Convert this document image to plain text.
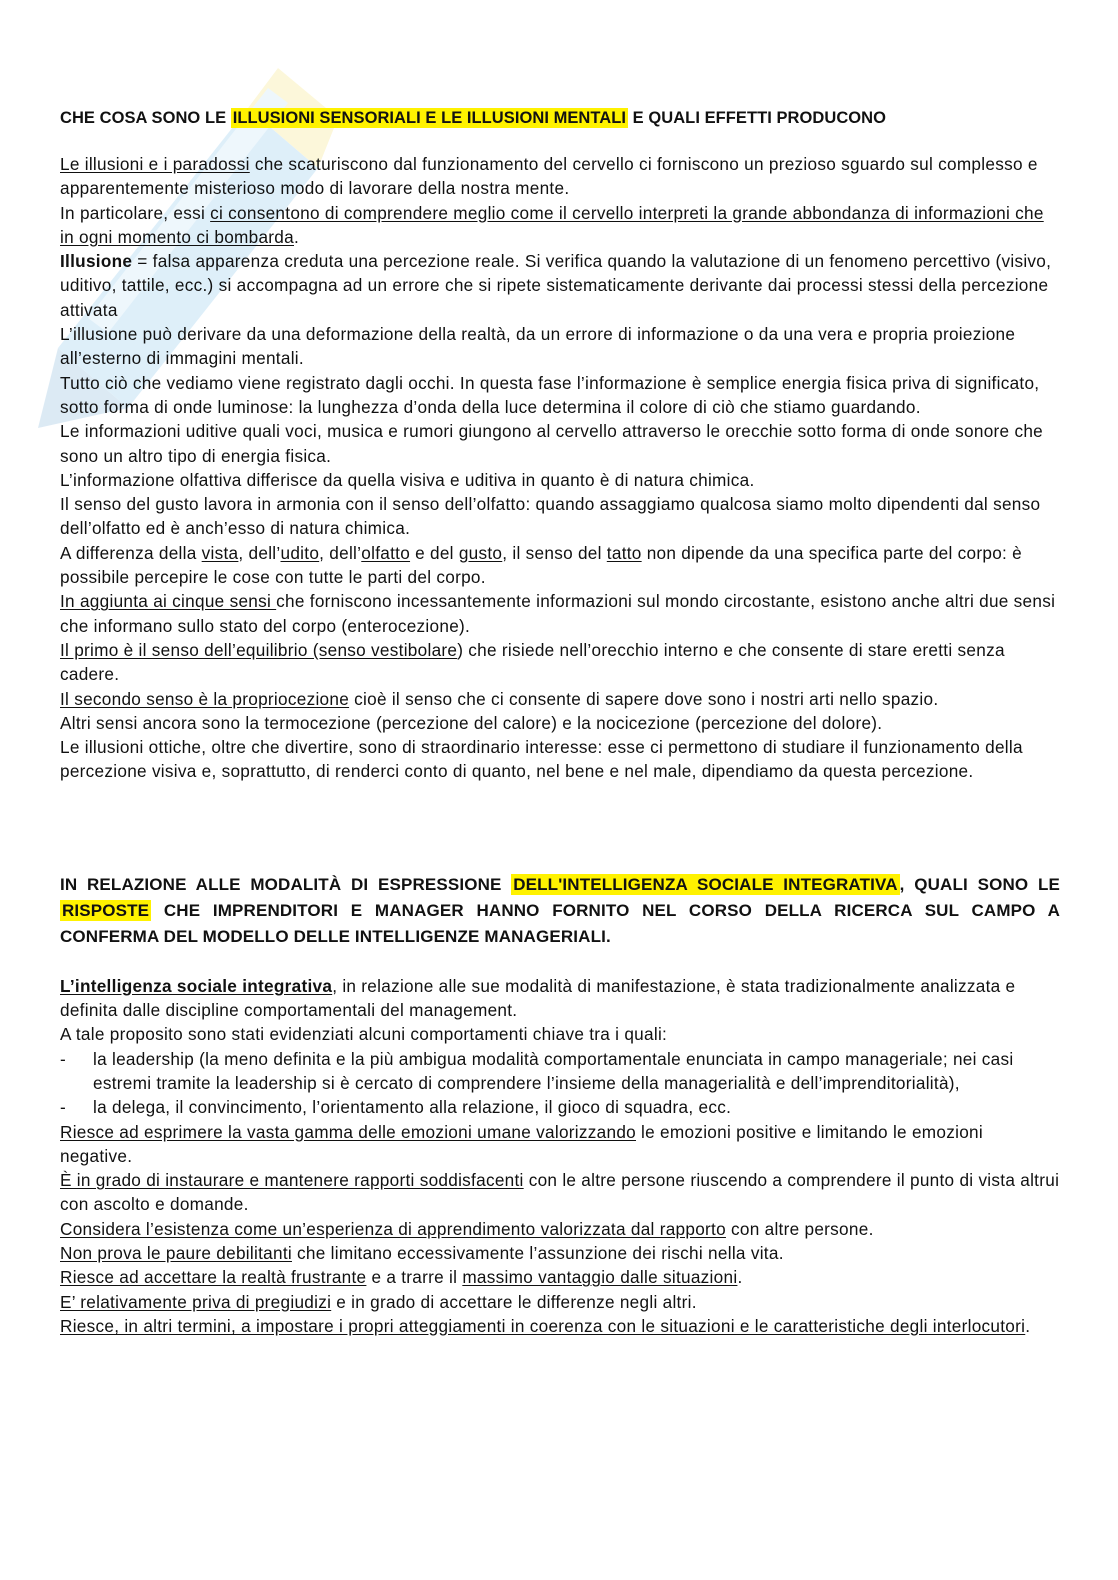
CHE COSA SONO LE ILLUSIONI SENSORIALI E LE ILLUSIONI MENTALI E QUALI EFFETTI PRODUCONO

Le illusioni e i paradossi che scaturiscono dal funzionamento del cervello ci forniscono un prezioso sguardo sul complesso e apparentemente misterioso modo di lavorare della nostra mente.

In particolare, essi ci consentono di comprendere meglio come il cervello interpreti la grande abbondanza di informazioni che in ogni momento ci bombarda.

Illusione = falsa apparenza creduta una percezione reale. Si verifica quando la valutazione di un fenomeno percettivo (visivo, uditivo, tattile, ecc.) si accompagna ad un errore che si ripete sistematicamente derivante dai processi stessi della percezione attivata

L’illusione può derivare da una deformazione della realtà, da un errore di informazione o da una vera e propria proiezione all’esterno di immagini mentali.

Tutto ciò che vediamo viene registrato dagli occhi. In questa fase l’informazione è semplice energia fisica priva di significato, sotto forma di onde luminose: la lunghezza d’onda della luce determina il colore di ciò che stiamo guardando.

Le informazioni uditive quali voci, musica e rumori giungono al cervello attraverso le orecchie sotto forma di onde sonore che sono un altro tipo di energia fisica.

L’informazione olfattiva differisce da quella visiva e uditiva in quanto è di natura chimica.

Il senso del gusto lavora in armonia con il senso dell’olfatto: quando assaggiamo qualcosa siamo molto dipendenti dal senso dell’olfatto ed è anch’esso di natura chimica.

A differenza della vista, dell’udito, dell’olfatto e del gusto, il senso del tatto non dipende da una specifica parte del corpo: è possibile percepire le cose con tutte le parti del corpo.

In aggiunta ai cinque sensi che forniscono incessantemente informazioni sul mondo circostante, esistono anche altri due sensi che informano sullo stato del corpo (enterocezione).

Il primo è il senso dell’equilibrio (senso vestibolare) che risiede nell’orecchio interno e che consente di stare eretti senza cadere.

Il secondo senso è la propriocezione cioè il senso che ci consente di sapere dove sono i nostri arti nello spazio.

Altri sensi ancora sono la termocezione (percezione del calore) e la nocicezione (percezione del dolore).

Le illusioni ottiche, oltre che divertire, sono di straordinario interesse: esse ci permettono di studiare il funzionamento della percezione visiva e, soprattutto, di renderci conto di quanto, nel bene e nel male, dipendiamo da questa percezione.

IN RELAZIONE ALLE MODALITÀ DI ESPRESSIONE DELL'INTELLIGENZA SOCIALE INTEGRATIVA , QUALI SONO LE RISPOSTE CHE IMPRENDITORI E MANAGER HANNO FORNITO NEL CORSO DELLA RICERCA SUL CAMPO A CONFERMA DEL MODELLO DELLE INTELLIGENZE MANAGERIALI.

L’intelligenza sociale integrativa, in relazione alle sue modalità di manifestazione, è stata tradizionalmente analizzata e definita dalle discipline comportamentali del management.

A tale proposito sono stati evidenziati alcuni comportamenti chiave tra i quali:

-	la leadership (la meno definita e la più ambigua modalità comportamentale enunciata in campo manageriale; nei casi estremi tramite la leadership si è cercato di comprendere l’insieme della managerialità e dell’imprenditorialità),
-	la delega, il convincimento, l’orientamento alla relazione, il gioco di squadra, ecc.

Riesce ad esprimere la vasta gamma delle emozioni umane valorizzando le emozioni positive e limitando le emozioni negative.

È in grado di instaurare e mantenere rapporti soddisfacenti con le altre persone riuscendo a comprendere il punto di vista altrui con ascolto e domande.

Considera l’esistenza come un’esperienza di apprendimento valorizzata dal rapporto con altre persone.

Non prova le paure debilitanti che limitano eccessivamente l’assunzione dei rischi nella vita.

Riesce ad accettare la realtà frustrante e a trarre il massimo vantaggio dalle situazioni.

E’ relativamente priva di pregiudizi e in grado di accettare le differenze negli altri.

Riesce, in altri termini, a impostare i propri atteggiamenti in coerenza con le situazioni e le caratteristiche degli interlocutori.
